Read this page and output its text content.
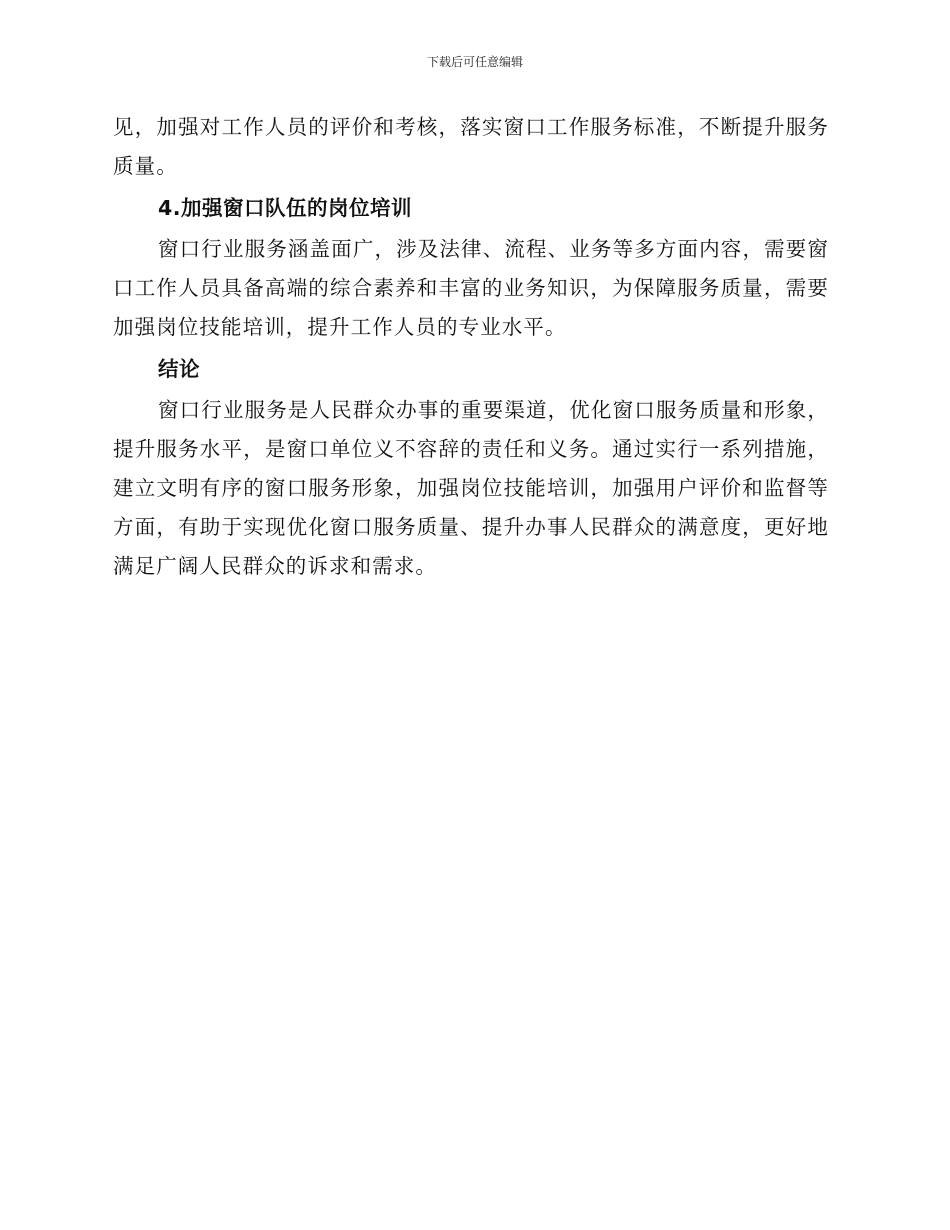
下载后可任意编辑

见，加强对工作人员的评价和考核，落实窗口工作服务标准，不断提升服务质量。

4.加强窗口队伍的岗位培训

窗口行业服务涵盖面广，涉及法律、流程、业务等多方面内容，需要窗口工作人员具备高端的综合素养和丰富的业务知识，为保障服务质量，需要加强岗位技能培训，提升工作人员的专业水平。

结论

窗口行业服务是人民群众办事的重要渠道，优化窗口服务质量和形象，提升服务水平，是窗口单位义不容辞的责任和义务。通过实行一系列措施，建立文明有序的窗口服务形象，加强岗位技能培训，加强用户评价和监督等方面，有助于实现优化窗口服务质量、提升办事人民群众的满意度，更好地满足广阔人民群众的诉求和需求。
